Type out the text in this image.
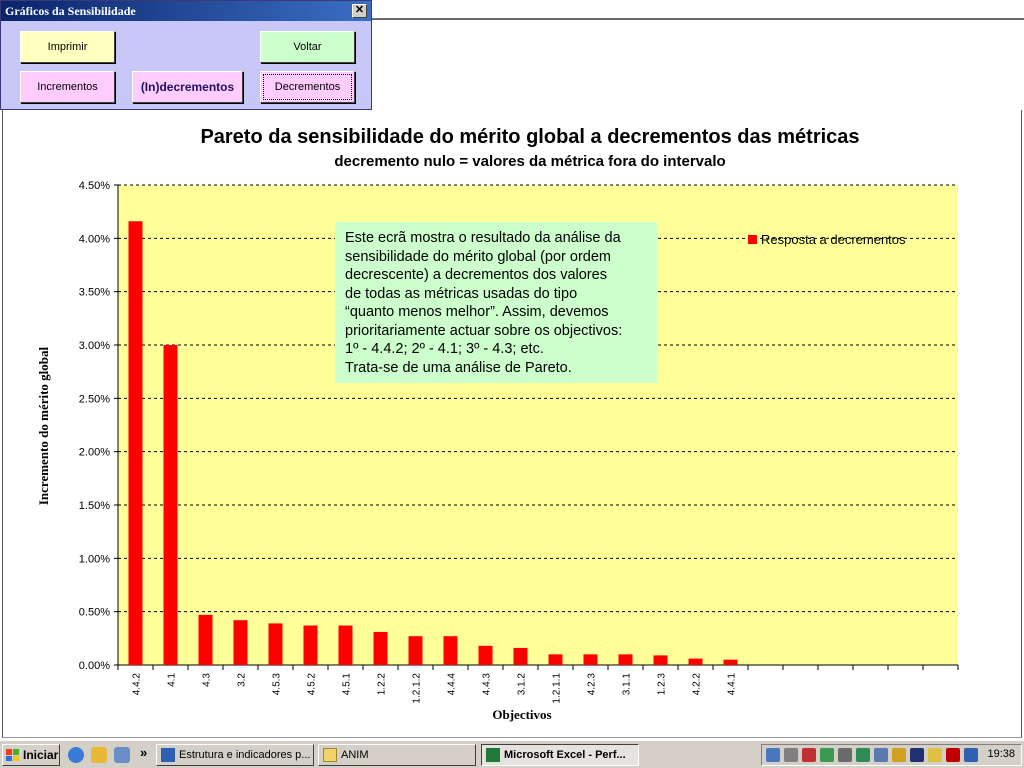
Pareto da sensibilidade do mérito global a decrementos das métricas
decremento nulo = valores da métrica fora do intervalo
0.00%
0.50%
1.00%
1.50%
2.00%
2.50%
3.00%
3.50%
4.00%
4.50%
4.4.2 4.1 4.3 3.2 4.5.3 4.5.2 4.5.1 1.2.2 1.2.1.2 4.4.4 4.4.3 3.1.2 1.2.1.1 4.2.3 3.1.1 1.2.3 4.2.2 4.4.1
Incremento do mérito global
Objectivos
Resposta a decrementos
Este ecrã mostra o resultado da análise da
sensibilidade do mérito global (por ordem
decrescente) a decrementos dos valores
de todas as métricas usadas do tipo
“quanto menos melhor”. Assim, devemos
prioritariamente actuar sobre os objectivos:
1º - 4.4.2; 2º - 4.1; 3º - 4.3; etc.
Trata-se de uma análise de Pareto.
Gráficos da Sensibilidade	✕
Imprimir	Voltar
Incrementos	(In)decrementos	Decrementos
Iniciar	»	Estrutura e indicadores p...	ANIM	Microsoft Excel - Perf...	19:38
